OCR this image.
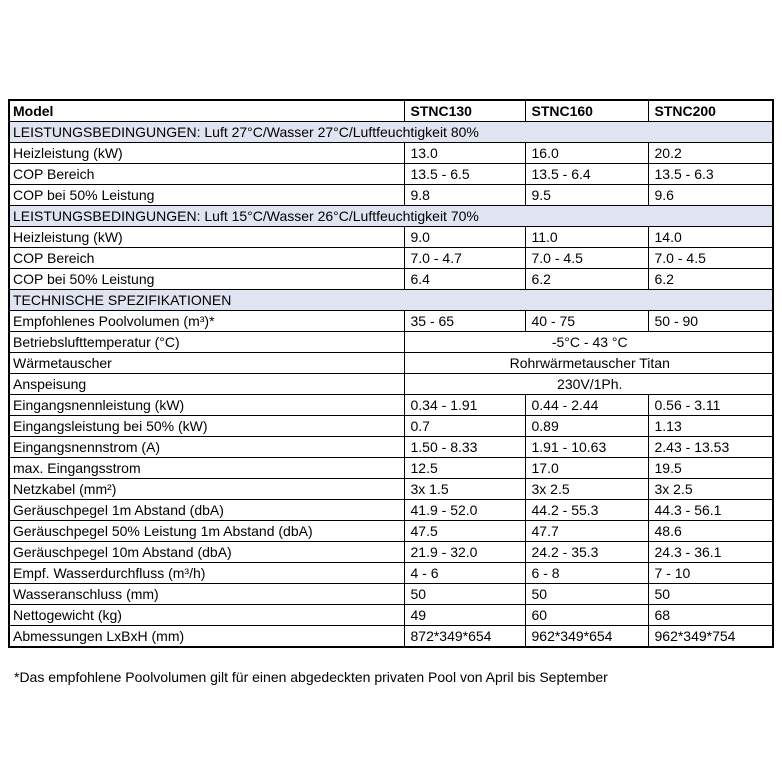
Model	STNC130	STNC160	STNC200
LEISTUNGSBEDINGUNGEN: Luft 27°C/Wasser 27°C/Luftfeuchtigkeit 80%			
Heizleistung (kW)	13.0	16.0	20.2
COP Bereich	13.5 - 6.5	13.5 - 6.4	13.5 - 6.3
COP bei 50% Leistung	9.8	9.5	9.6
LEISTUNGSBEDINGUNGEN: Luft 15°C/Wasser 26°C/Luftfeuchtigkeit 70%			
Heizleistung (kW)	9.0	11.0	14.0
COP Bereich	7.0 - 4.7	7.0 - 4.5	7.0 - 4.5
COP bei 50% Leistung	6.4	6.2	6.2
TECHNISCHE SPEZIFIKATIONEN			
Empfohlenes Poolvolumen (m³)*	35 - 65	40 - 75	50 - 90
Betriebslufttemperatur (°C)	-5°C - 43 °C		
Wärmetauscher	Rohrwärmetauscher Titan		
Anspeisung	230V/1Ph.		
Eingangsnennleistung (kW)	0.34 - 1.91	0.44 - 2.44	0.56 - 3.11
Eingangsleistung bei 50% (kW)	0.7	0.89	1.13
Eingangsnennstrom (A)	1.50 - 8.33	1.91 - 10.63	2.43 - 13.53
max. Eingangsstrom	12.5	17.0	19.5
Netzkabel (mm²)	3x 1.5	3x 2.5	3x 2.5
Geräuschpegel 1m Abstand (dbA)	41.9 - 52.0	44.2 - 55.3	44.3 - 56.1
Geräuschpegel 50% Leistung 1m Abstand (dbA)	47.5	47.7	48.6
Geräuschpegel 10m Abstand (dbA)	21.9 - 32.0	24.2 - 35.3	24.3 - 36.1
Empf. Wasserdurchfluss (m³/h)	4 - 6	6 - 8	7 - 10
Wasseranschluss (mm)	50	50	50
Nettogewicht (kg)	49	60	68
Abmessungen LxBxH (mm)	872*349*654	962*349*654	962*349*754
*Das empfohlene Poolvolumen gilt für einen abgedeckten privaten Pool von April bis September
